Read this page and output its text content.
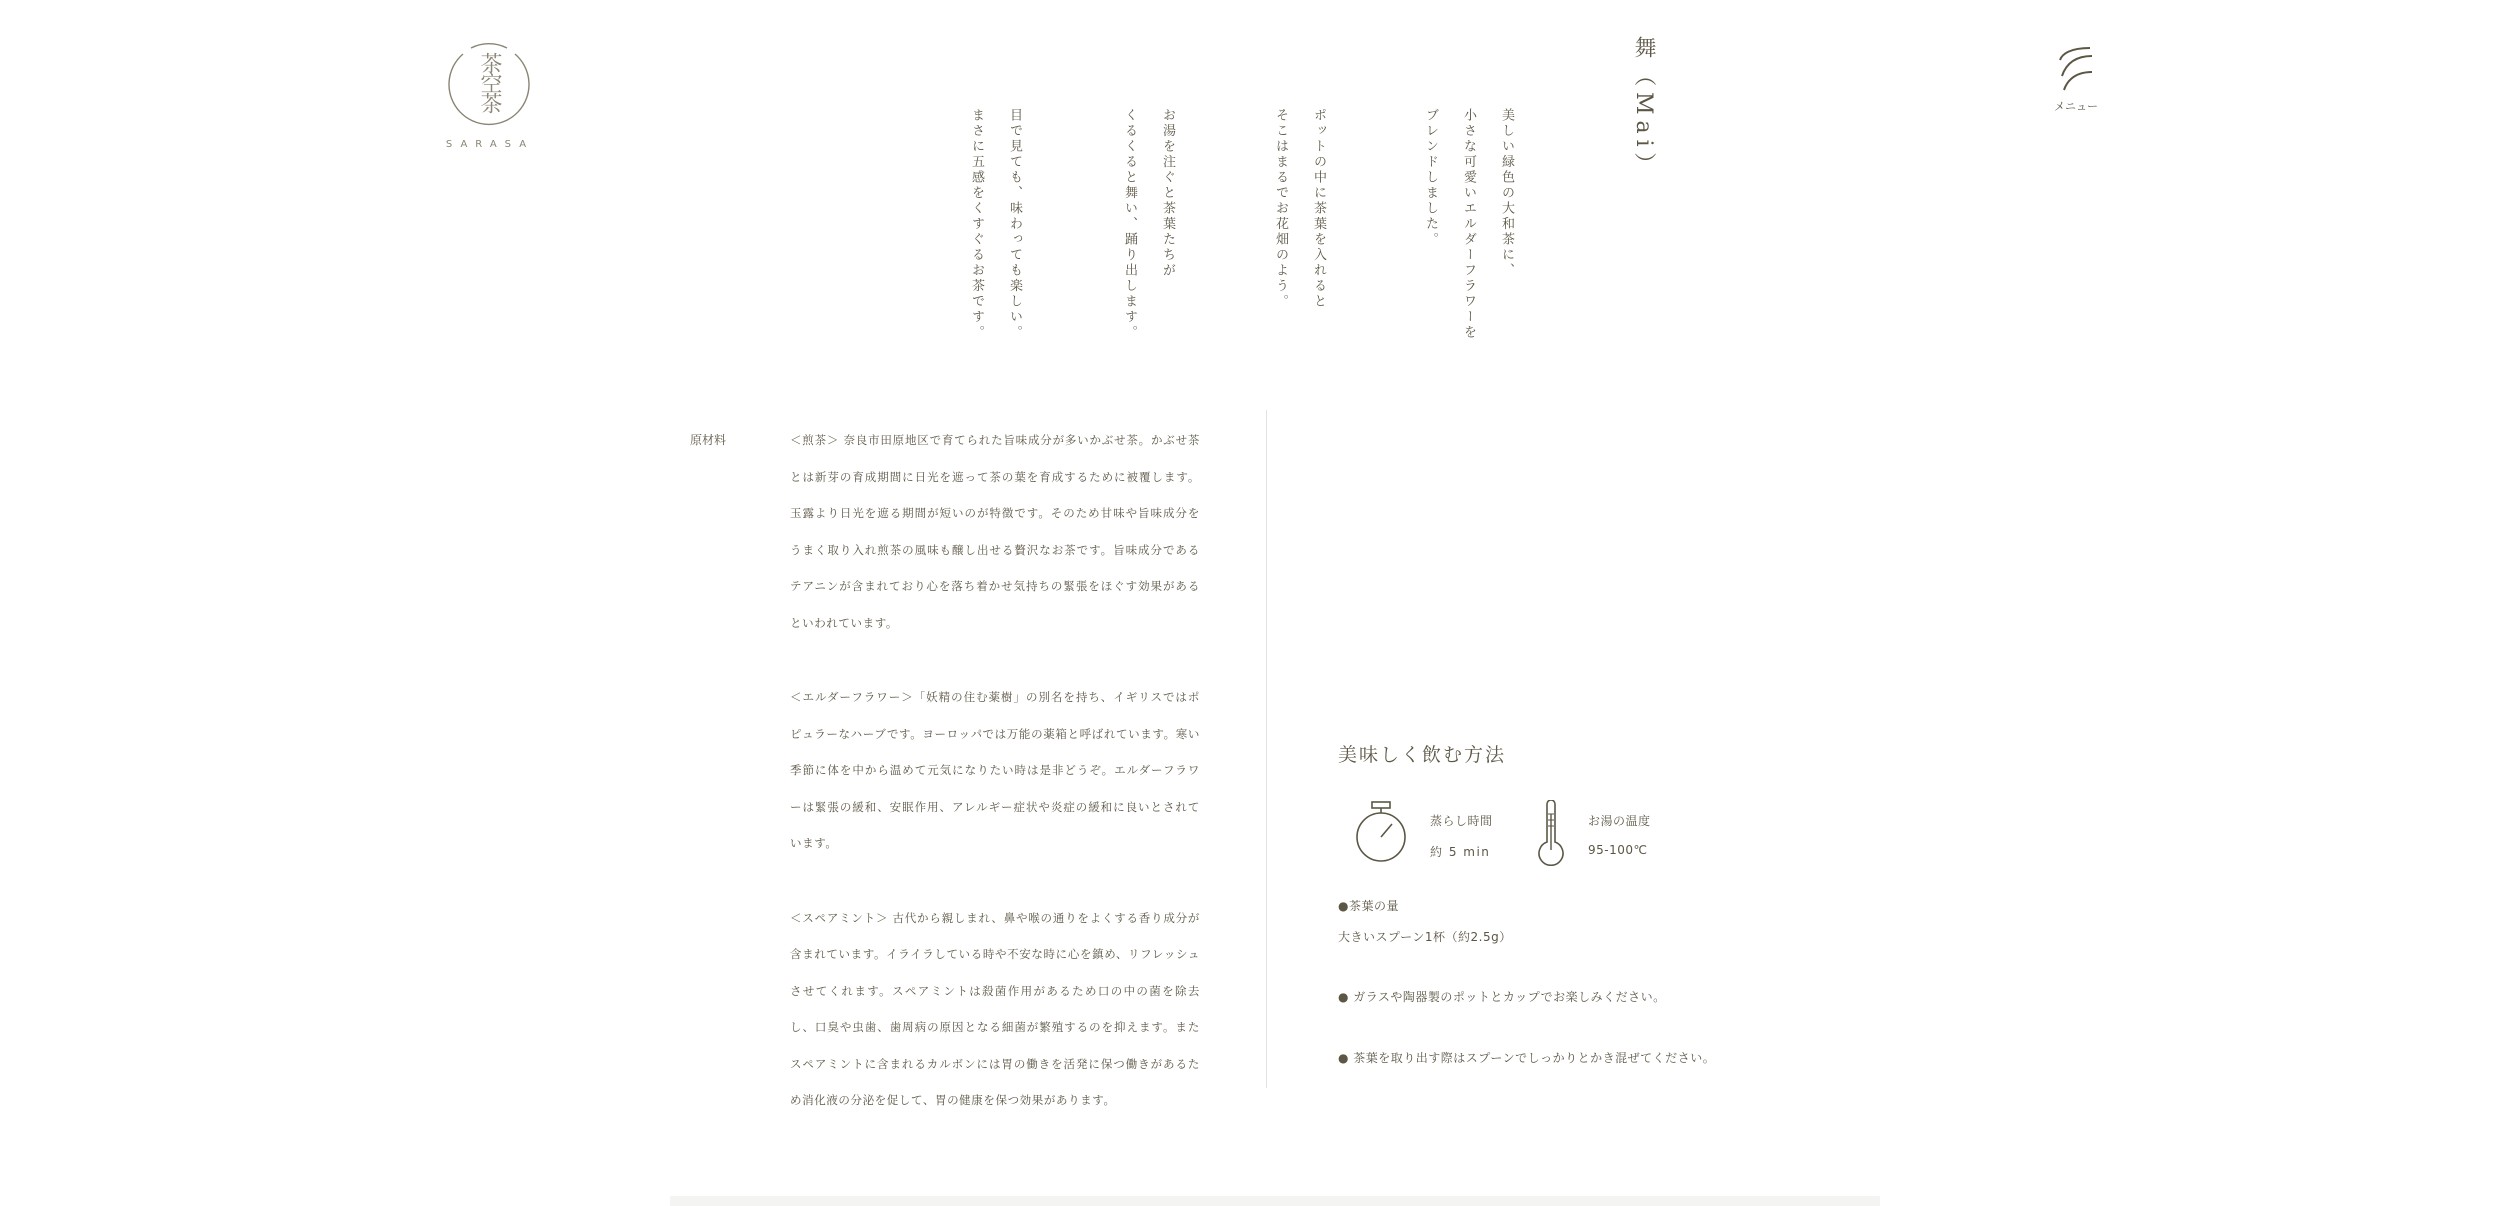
茶空茶
SARASA
メニュー
舞（Mai）
美しい緑色の大和茶に、
小さな可愛いエルダーフラワーを
ブレンドしました。
ポットの中に茶葉を入れると
そこはまるでお花畑のよう。
お湯を注ぐと茶葉たちが
くるくると舞い、踊り出します。
目で見ても、味わっても楽しい。
まさに五感をくすぐるお茶です。
原材料	＜煎茶＞ 奈良市田原地区で育てられた旨味成分が多いかぶせ茶。かぶせ茶とは新芽の育成期間に日光を遮って茶の葉を育成するために被覆します。玉露より日光を遮る期間が短いのが特徴です。そのため甘味や旨味成分をうまく取り入れ煎茶の風味も醸し出せる贅沢なお茶です。旨味成分であるテアニンが含まれており心を落ち着かせ気持ちの緊張をほぐす効果があるといわれています。

＜エルダーフラワー＞「妖精の住む薬樹」の別名を持ち、イギリスではポピュラーなハーブです。ヨーロッパでは万能の薬箱と呼ばれています。寒い季節に体を中から温めて元気になりたい時は是非どうぞ。エルダーフラワーは緊張の緩和、安眠作用、アレルギー症状や炎症の緩和に良いとされています。

＜スペアミント＞ 古代から親しまれ、鼻や喉の通りをよくする香り成分が含まれています。イライラしている時や不安な時に心を鎮め、リフレッシュさせてくれます。スペアミントは殺菌作用があるため口の中の菌を除去し、口臭や虫歯、歯周病の原因となる細菌が繁殖するのを抑えます。またスペアミントに含まれるカルボンには胃の働きを活発に保つ働きがあるため消化液の分泌を促して、胃の健康を保つ効果があります。

美味しく飲む方法
蒸らし時間
約 5 min
お湯の温度
95-100℃
●茶葉の量
大きいスプーン1杯（約2.5g）
● ガラスや陶器製のポットとカップでお楽しみください。
● 茶葉を取り出す際はスプーンでしっかりとかき混ぜてください。
